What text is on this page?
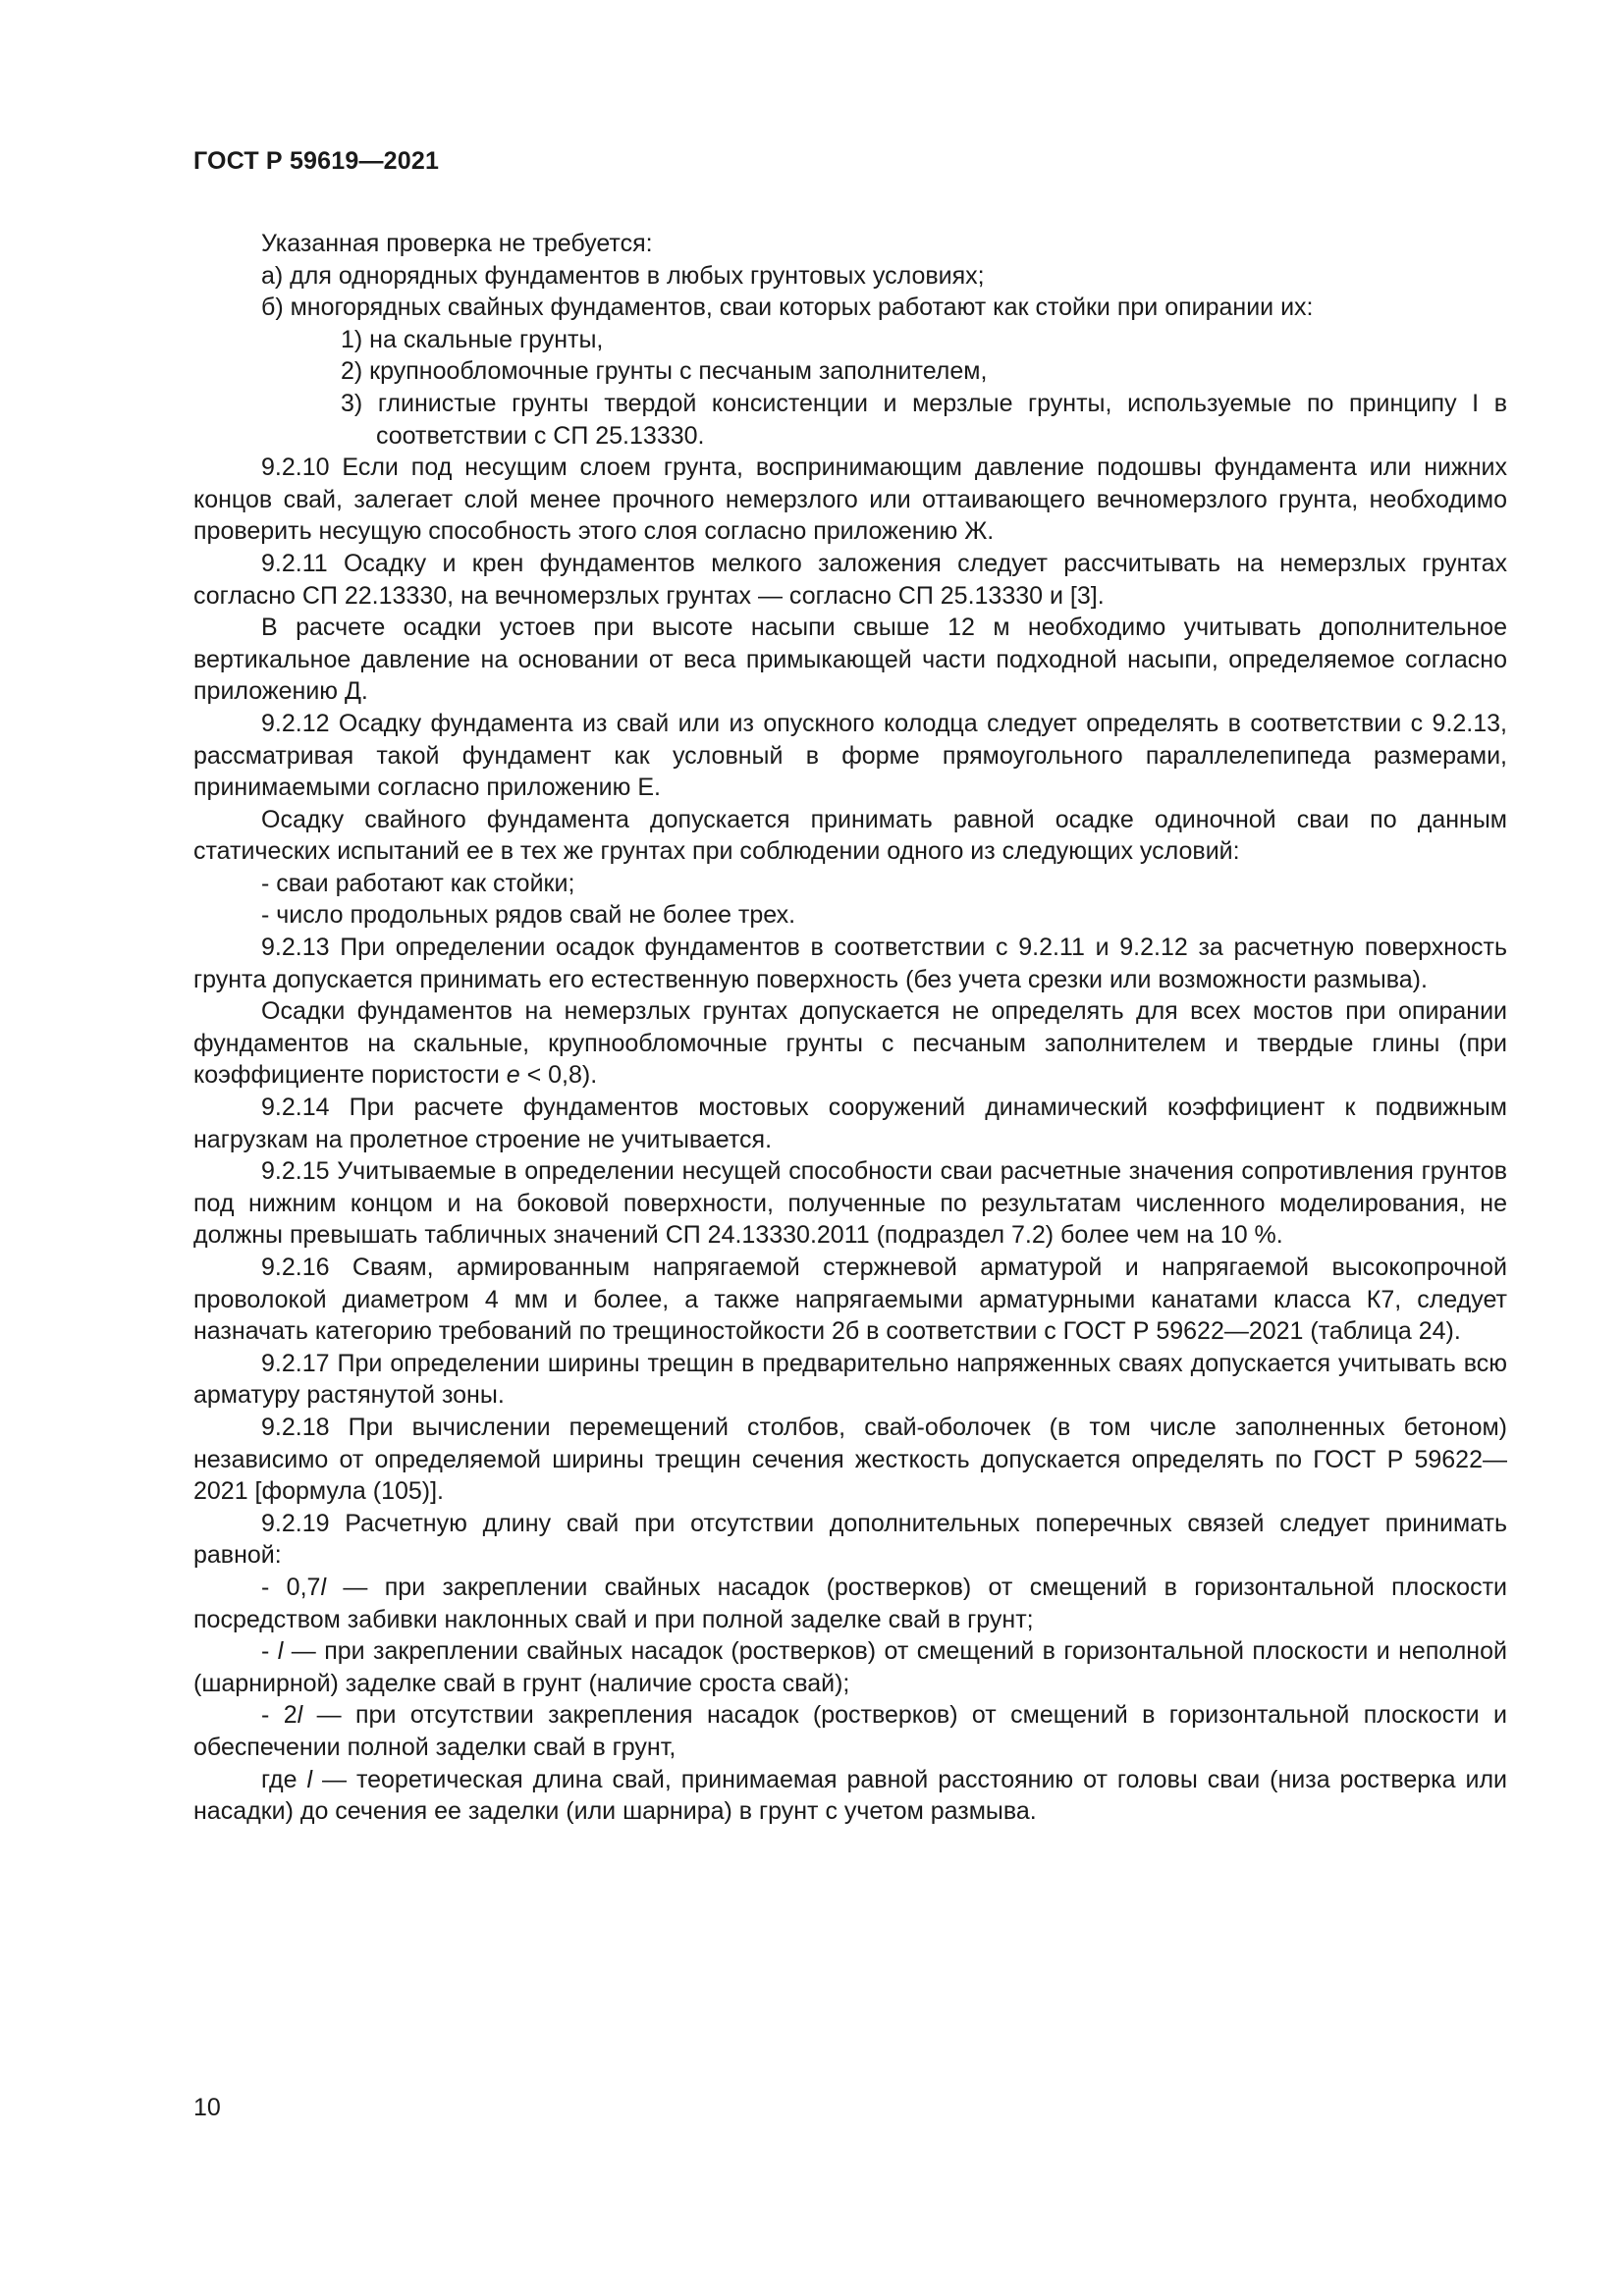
ГОСТ Р 59619—2021

Указанная проверка не требуется:

а) для однорядных фундаментов в любых грунтовых условиях;

б) многорядных свайных фундаментов, сваи которых работают как стойки при опирании их:

1) на скальные грунты,

2) крупнообломочные грунты с песчаным заполнителем,

3) глинистые грунты твердой консистенции и мерзлые грунты, используемые по принципу I в соответствии с СП 25.13330.

9.2.10 Если под несущим слоем грунта, воспринимающим давление подошвы фундамента или нижних концов свай, залегает слой менее прочного немерзлого или оттаивающего вечномерзлого грунта, необходимо проверить несущую способность этого слоя согласно приложению Ж.

9.2.11 Осадку и крен фундаментов мелкого заложения следует рассчитывать на немерзлых грунтах согласно СП 22.13330, на вечномерзлых грунтах — согласно СП 25.13330 и [3].

В расчете осадки устоев при высоте насыпи свыше 12 м необходимо учитывать дополнительное вертикальное давление на основании от веса примыкающей части подходной насыпи, определяемое согласно приложению Д.

9.2.12 Осадку фундамента из свай или из опускного колодца следует определять в соответствии с 9.2.13, рассматривая такой фундамент как условный в форме прямоугольного параллелепипеда размерами, принимаемыми согласно приложению Е.

Осадку свайного фундамента допускается принимать равной осадке одиночной сваи по данным статических испытаний ее в тех же грунтах при соблюдении одного из следующих условий:

- сваи работают как стойки;

- число продольных рядов свай не более трех.

9.2.13 При определении осадок фундаментов в соответствии с 9.2.11 и 9.2.12 за расчетную поверхность грунта допускается принимать его естественную поверхность (без учета срезки или возможности размыва).

Осадки фундаментов на немерзлых грунтах допускается не определять для всех мостов при опирании фундаментов на скальные, крупнообломочные грунты с песчаным заполнителем и твердые глины (при коэффициенте пористости e < 0,8).

9.2.14 При расчете фундаментов мостовых сооружений динамический коэффициент к подвижным нагрузкам на пролетное строение не учитывается.

9.2.15 Учитываемые в определении несущей способности сваи расчетные значения сопротивления грунтов под нижним концом и на боковой поверхности, полученные по результатам численного моделирования, не должны превышать табличных значений СП 24.13330.2011 (подраздел 7.2) более чем на 10 %.

9.2.16 Сваям, армированным напрягаемой стержневой арматурой и напрягаемой высокопрочной проволокой диаметром 4 мм и более, а также напрягаемыми арматурными канатами класса К7, следует назначать категорию требований по трещиностойкости 2б в соответствии с ГОСТ Р 59622—2021 (таблица 24).

9.2.17 При определении ширины трещин в предварительно напряженных сваях допускается учитывать всю арматуру растянутой зоны.

9.2.18 При вычислении перемещений столбов, свай-оболочек (в том числе заполненных бетоном) независимо от определяемой ширины трещин сечения жесткость допускается определять по ГОСТ Р 59622—2021 [формула (105)].

9.2.19 Расчетную длину свай при отсутствии дополнительных поперечных связей следует принимать равной:

- 0,7l — при закреплении свайных насадок (ростверков) от смещений в горизонтальной плоскости посредством забивки наклонных свай и при полной заделке свай в грунт;

- l — при закреплении свайных насадок (ростверков) от смещений в горизонтальной плоскости и неполной (шарнирной) заделке свай в грунт (наличие сроста свай);

- 2l — при отсутствии закрепления насадок (ростверков) от смещений в горизонтальной плоскости и обеспечении полной заделки свай в грунт,

где l — теоретическая длина свай, принимаемая равной расстоянию от головы сваи (низа ростверка или насадки) до сечения ее заделки (или шарнира) в грунт с учетом размыва.

10
